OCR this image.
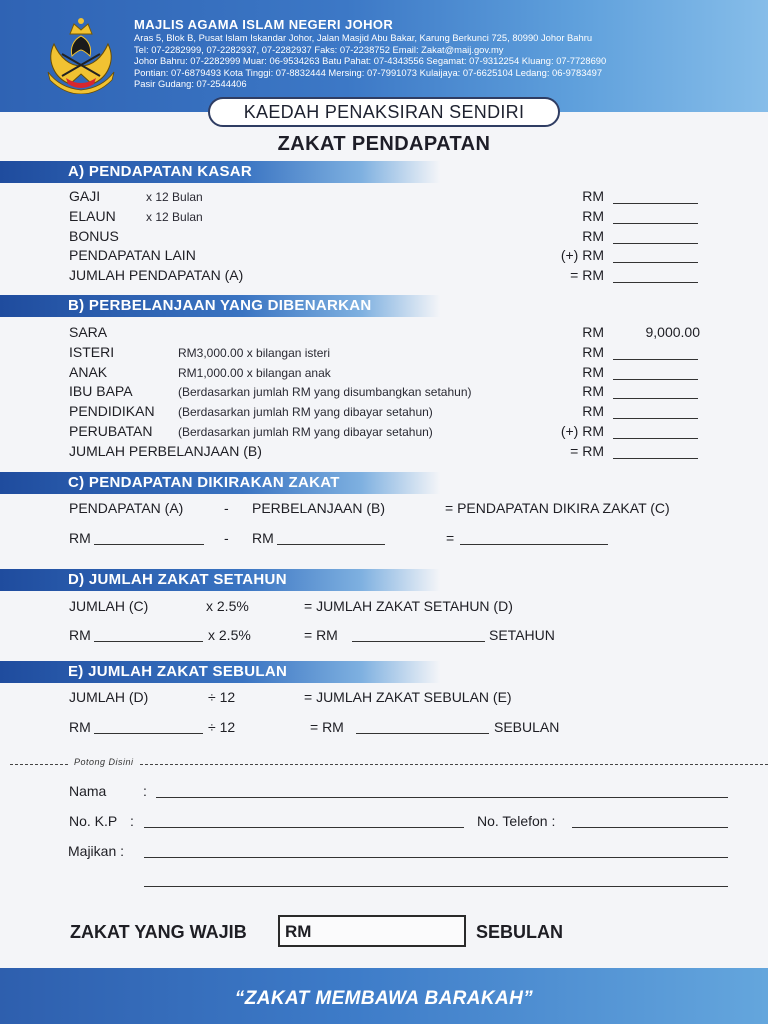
MAJLIS AGAMA ISLAM NEGERI JOHOR
Aras 5, Blok B, Pusat Islam Iskandar Johor, Jalan Masjid Abu Bakar, Karung Berkunci 725, 80990 Johor Bahru
Tel: 07-2282999, 07-2282937, 07-2282937 Faks: 07-2238752 Email: Zakat@maij.gov.my
Johor Bahru: 07-2282999 Muar: 06-9534263 Batu Pahat: 07-4343556 Segamat: 07-9312254 Kluang: 07-7728690
Pontian: 07-6879493 Kota Tinggi: 07-8832444 Mersing: 07-7991073 Kulaijaya: 07-6625104 Ledang: 06-9783497
Pasir Gudang: 07-2544406
KAEDAH PENAKSIRAN SENDIRI
ZAKAT PENDAPATAN
A) PENDAPATAN KASAR
GAJI	x 12 Bulan	RM
ELAUN	x 12 Bulan	RM
BONUS	RM
PENDAPATAN LAIN	(+) RM
JUMLAH PENDAPATAN (A)	= RM
B) PERBELANJAAN YANG DIBENARKAN
SARA	RM	9,000.00
ISTERI	RM3,000.00 x bilangan isteri	RM
ANAK	RM1,000.00 x bilangan anak	RM
IBU BAPA	(Berdasarkan jumlah RM yang disumbangkan setahun)	RM
PENDIDIKAN (Berdasarkan jumlah RM yang dibayar setahun)	RM
PERUBATAN (Berdasarkan jumlah RM yang dibayar setahun)	(+) RM
JUMLAH PERBELANJAAN (B)	= RM
C) PENDAPATAN DIKIRAKAN ZAKAT
PENDAPATAN (A)	- PERBELANJAAN (B)	= PENDAPATAN DIKIRA ZAKAT (C)
RM	- RM	=
D) JUMLAH ZAKAT SETAHUN
JUMLAH (C)	x 2.5%	= JUMLAH ZAKAT SETAHUN (D)
RM	x 2.5%	= RM	SETAHUN
E) JUMLAH ZAKAT SEBULAN
JUMLAH (D)	÷ 12	= JUMLAH ZAKAT SEBULAN (E)
RM	÷ 12	= RM	SEBULAN
Potong Disini
Nama	:
No. K.P :	No. Telefon :
Majikan :
ZAKAT YANG WAJIB RM	SEBULAN
“ZAKAT MEMBAWA BARAKAH”
